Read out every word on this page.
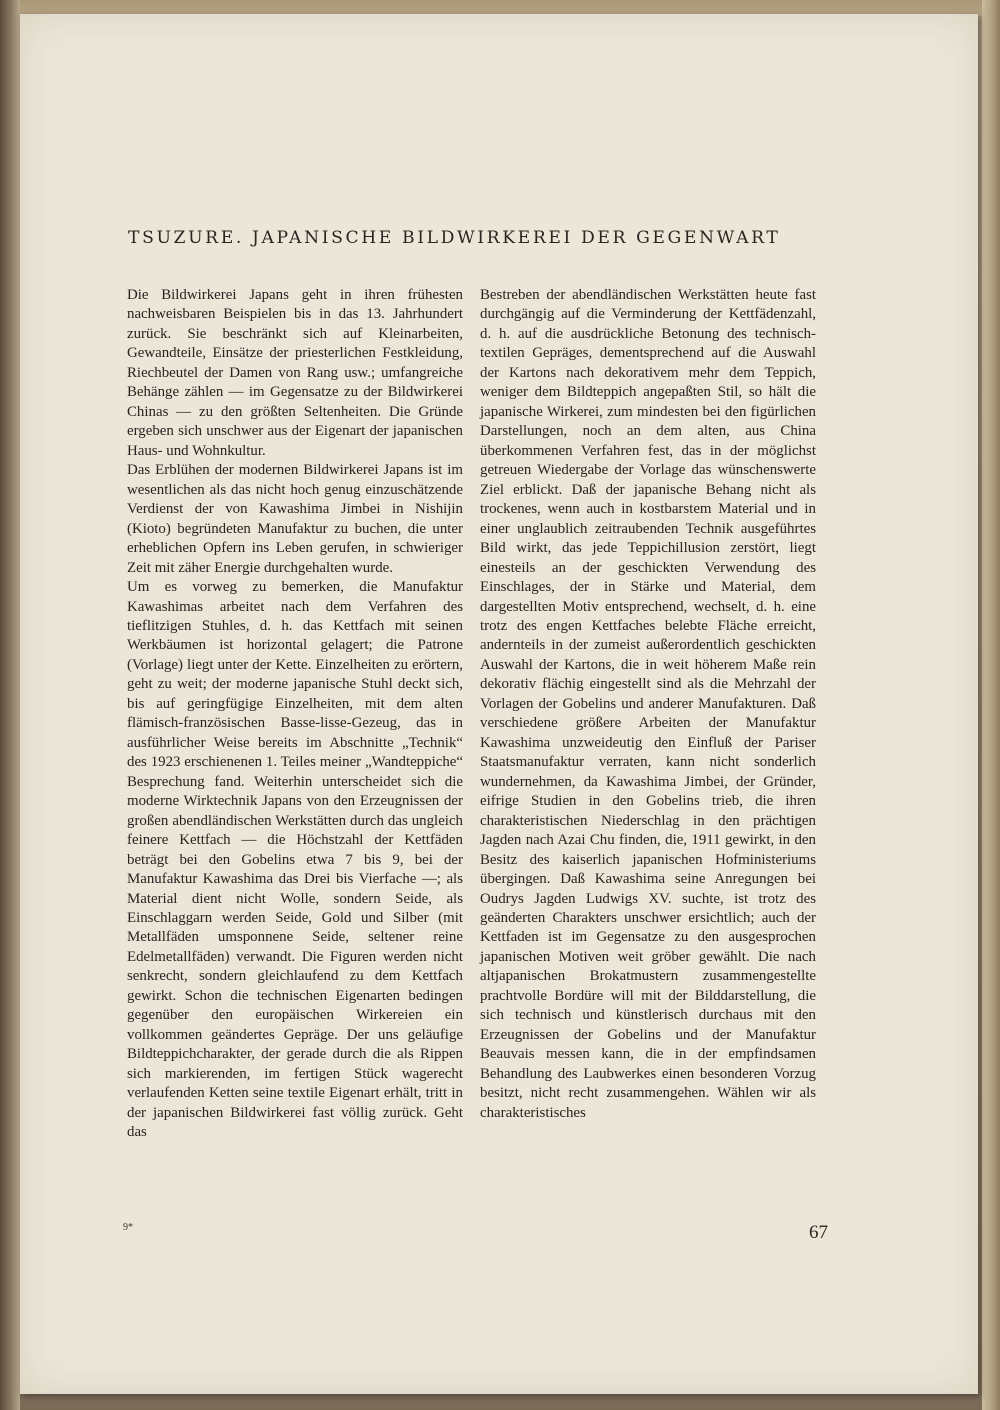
TSUZURE. JAPANISCHE BILDWIRKEREI DER GEGENWART

Die Bildwirkerei Japans geht in ihren frühesten nachweisbaren Beispielen bis in das 13. Jahrhundert zurück. Sie beschränkt sich auf Kleinarbeiten, Gewandteile, Einsätze der priesterlichen Festkleidung, Riechbeutel der Damen von Rang usw.; umfangreiche Behänge zählen — im Gegensatze zu der Bildwirkerei Chinas — zu den größten Seltenheiten. Die Gründe ergeben sich unschwer aus der Eigenart der japanischen Haus- und Wohnkultur.

Das Erblühen der modernen Bildwirkerei Japans ist im wesentlichen als das nicht hoch genug einzuschätzende Verdienst der von Kawashima Jimbei in Nishijin (Kioto) begründeten Manufaktur zu buchen, die unter erheblichen Opfern ins Leben gerufen, in schwieriger Zeit mit zäher Energie durchgehalten wurde.

Um es vorweg zu bemerken, die Manufaktur Kawashimas arbeitet nach dem Verfahren des tieflitzigen Stuhles, d. h. das Kettfach mit seinen Werkbäumen ist horizontal gelagert; die Patrone (Vorlage) liegt unter der Kette. Einzelheiten zu erörtern, geht zu weit; der moderne japanische Stuhl deckt sich, bis auf geringfügige Einzelheiten, mit dem alten flämisch-französischen Basse-lisse-Gezeug, das in ausführlicher Weise bereits im Abschnitte „Technik“ des 1923 erschienenen 1. Teiles meiner „Wandteppiche“ Besprechung fand. Weiterhin unterscheidet sich die moderne Wirktechnik Japans von den Erzeugnissen der großen abendländischen Werkstätten durch das ungleich feinere Kettfach — die Höchstzahl der Kettfäden beträgt bei den Gobelins etwa 7 bis 9, bei der Manufaktur Kawashima das Drei bis Vierfache —; als Material dient nicht Wolle, sondern Seide, als Einschlaggarn werden Seide, Gold und Silber (mit Metallfäden umsponnene Seide, seltener reine Edelmetallfäden) verwandt. Die Figuren werden nicht senkrecht, sondern gleichlaufend zu dem Kettfach gewirkt. Schon die technischen Eigenarten bedingen gegenüber den europäischen Wirkereien ein vollkommen geändertes Gepräge. Der uns geläufige Bildteppichcharakter, der gerade durch die als Rippen sich markierenden, im fertigen Stück wagerecht verlaufenden Ketten seine textile Eigenart erhält, tritt in der japanischen Bildwirkerei fast völlig zurück. Geht das

Bestreben der abendländischen Werkstätten heute fast durchgängig auf die Verminderung der Kettfädenzahl, d. h. auf die ausdrückliche Betonung des technisch-textilen Gepräges, dementsprechend auf die Auswahl der Kartons nach dekorativem mehr dem Teppich, weniger dem Bildteppich angepaßten Stil, so hält die japanische Wirkerei, zum mindesten bei den figürlichen Darstellungen, noch an dem alten, aus China überkommenen Verfahren fest, das in der möglichst getreuen Wiedergabe der Vorlage das wünschenswerte Ziel erblickt. Daß der japanische Behang nicht als trockenes, wenn auch in kostbarstem Material und in einer unglaublich zeitraubenden Technik ausgeführtes Bild wirkt, das jede Teppichillusion zerstört, liegt einesteils an der geschickten Verwendung des Einschlages, der in Stärke und Material, dem dargestellten Motiv entsprechend, wechselt, d. h. eine trotz des engen Kettfaches belebte Fläche erreicht, andernteils in der zumeist außerordentlich geschickten Auswahl der Kartons, die in weit höherem Maße rein dekorativ flächig eingestellt sind als die Mehrzahl der Vorlagen der Gobelins und anderer Manufakturen. Daß verschiedene größere Arbeiten der Manufaktur Kawashima unzweideutig den Einfluß der Pariser Staatsmanufaktur verraten, kann nicht sonderlich wundernehmen, da Kawashima Jimbei, der Gründer, eifrige Studien in den Gobelins trieb, die ihren charakteristischen Niederschlag in den prächtigen Jagden nach Azai Chu finden, die, 1911 gewirkt, in den Besitz des kaiserlich japanischen Hofministeriums übergingen. Daß Kawashima seine Anregungen bei Oudrys Jagden Ludwigs XV. suchte, ist trotz des geänderten Charakters unschwer ersichtlich; auch der Kettfaden ist im Gegensatze zu den ausgesprochen japanischen Motiven weit gröber gewählt. Die nach altjapanischen Brokatmustern zusammengestellte prachtvolle Bordüre will mit der Bilddarstellung, die sich technisch und künstlerisch durchaus mit den Erzeugnissen der Gobelins und der Manufaktur Beauvais messen kann, die in der empfindsamen Behandlung des Laubwerkes einen besonderen Vorzug besitzt, nicht recht zusammengehen. Wählen wir als charakteristisches

9*	67
